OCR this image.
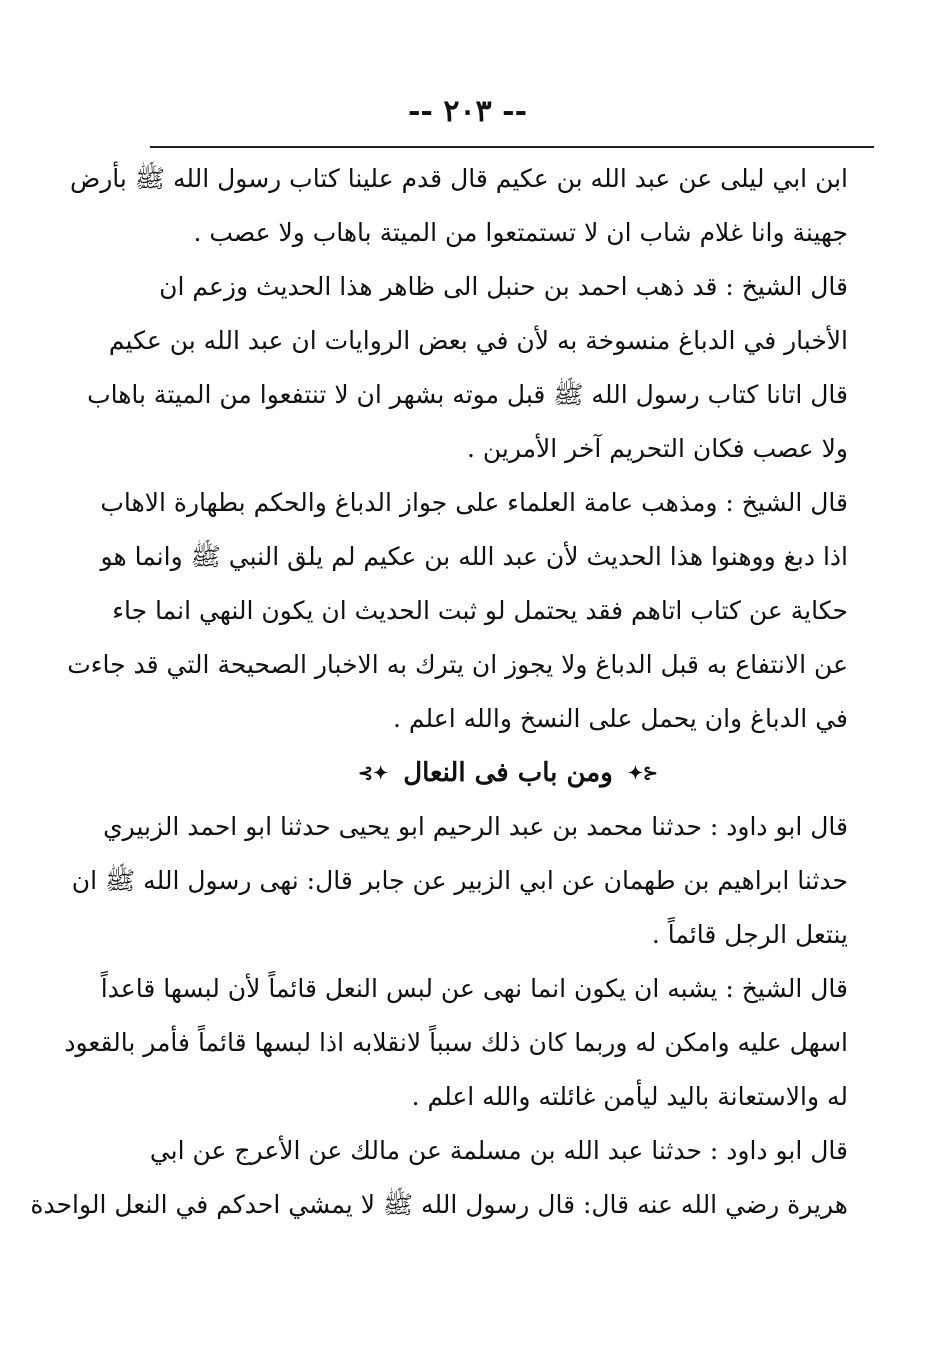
-- ٢٠٣ --
ابن ابي ليلى عن عبد الله بن عكيم قال قدم علينا كتاب رسول الله ﷺ بأرض
جهينة وانا غلام شاب ان لا تستمتعوا من الميتة باهاب ولا عصب .
قال الشيخ : قد ذهب احمد بن حنبل الى ظاهر هذا الحديث وزعم ان
الأخبار في الدباغ منسوخة به لأن في بعض الروايات ان عبد الله بن عكيم
قال اتانا كتاب رسول الله ﷺ قبل موته بشهر ان لا تنتفعوا من الميتة باهاب
ولا عصب فكان التحريم آخر الأمرين .
قال الشيخ : ومذهب عامة العلماء على جواز الدباغ والحكم بطهارة الاهاب
اذا دبغ ووهنوا هذا الحديث لأن عبد الله بن عكيم لم يلق النبي ﷺ وانما هو
حكاية عن كتاب اتاهم فقد يحتمل لو ثبت الحديث ان يكون النهي انما جاء
عن الانتفاع به قبل الدباغ ولا يجوز ان يترك به الاخبار الصحيحة التي قد جاءت
في الدباغ وان يحمل على النسخ والله اعلم .
⊰✦ ومن باب فى النعال ✦⊱
قال ابو داود : حدثنا محمد بن عبد الرحيم ابو يحيى حدثنا ابو احمد الزبيري
حدثنا ابراهيم بن طهمان عن ابي الزبير عن جابر قال: نهى رسول الله ﷺ ان
ينتعل الرجل قائماً .
قال الشيخ : يشبه ان يكون انما نهى عن لبس النعل قائماً لأن لبسها قاعداً
اسهل عليه وامكن له وربما كان ذلك سبباً لانقلابه اذا لبسها قائماً فأمر بالقعود
له والاستعانة باليد ليأمن غائلته والله اعلم .
قال ابو داود : حدثنا عبد الله بن مسلمة عن مالك عن الأعرج عن ابي
هريرة رضي الله عنه قال: قال رسول الله ﷺ لا يمشي احدكم في النعل الواحدة
